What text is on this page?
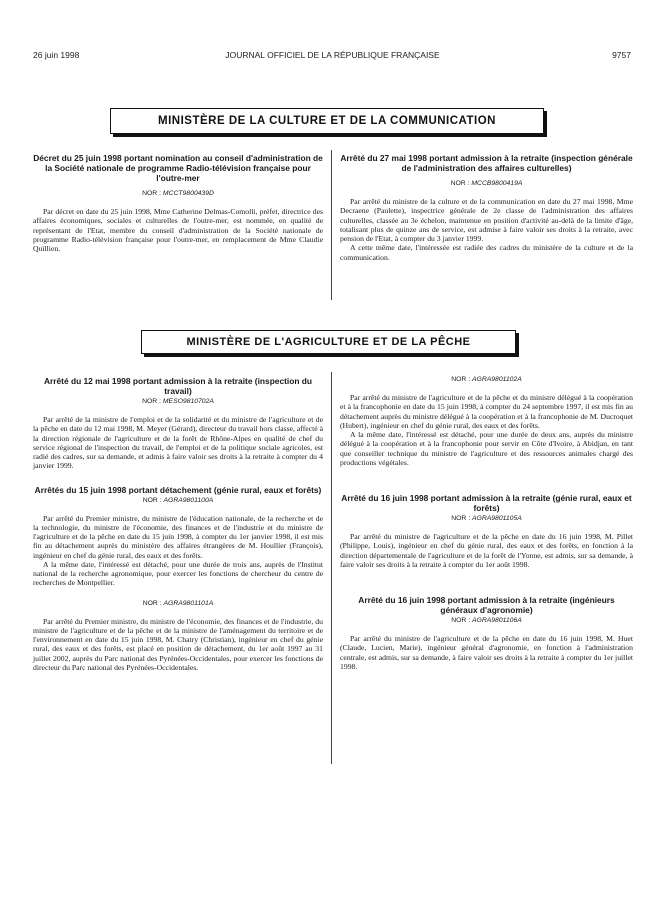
26 juin 1998	JOURNAL OFFICIEL DE LA RÉPUBLIQUE FRANÇAISE	9757
MINISTÈRE DE LA CULTURE ET DE LA COMMUNICATION

Décret du 25 juin 1998 portant nomination au conseil d'administration de la Société nationale de programme Radio-télévision française pour l'outre-mer

NOR : MCCT9800439D

Par décret en date du 25 juin 1998, Mme Catherine Delmas-Comolli, préfet, directrice des affaires économiques, sociales et culturelles de l'outre-mer, est nommée, en qualité de représentant de l'Etat, membre du conseil d'administration de la Société nationale de programme Radio-télévision française pour l'outre-mer, en remplacement de Mme Claudie Quillien.

Arrêté du 27 mai 1998 portant admission à la retraite (inspection générale de l'administration des affaires culturelles)

NOR : MCCB9800419A

Par arrêté du ministre de la culture et de la communication en date du 27 mai 1998, Mme Decraene (Paulette), inspectrice générale de 2e classe de l'administration des affaires culturelles, classée au 3e échelon, maintenue en position d'activité au-delà de la limite d'âge, totalisant plus de quinze ans de service, est admise à faire valoir ses droits à la retraite, avec pension de l'Etat, à compter du 3 janvier 1999.

A cette même date, l'intéressée est radiée des cadres du ministère de la culture et de la communication.

MINISTÈRE DE L'AGRICULTURE ET DE LA PÊCHE

Arrêté du 12 mai 1998 portant admission à la retraite (inspection du travail)

NOR : MESO9810702A

Par arrêté de la ministre de l'emploi et de la solidarité et du ministre de l'agriculture et de la pêche en date du 12 mai 1998, M. Meyer (Gérard), directeur du travail hors classe, affecté à la direction régionale de l'agriculture et de la forêt de Rhône-Alpes en qualité de chef du service régional de l'inspection du travail, de l'emploi et de la politique sociale agricoles, est radié des cadres, sur sa demande, et admis à faire valoir ses droits à la retraite à compter du 4 janvier 1999.

Arrêtés du 15 juin 1998 portant détachement (génie rural, eaux et forêts)

NOR : AGRA9801100A

Par arrêté du Premier ministre, du ministre de l'éducation nationale, de la recherche et de la technologie, du ministre de l'économie, des finances et de l'industrie et du ministre de l'agriculture et de la pêche en date du 15 juin 1998, à compter du 1er janvier 1998, il est mis fin au détachement auprès du ministère des affaires étrangères de M. Houllier (François), ingénieur en chef du génie rural, des eaux et des forêts.

A la même date, l'intéressé est détaché, pour une durée de trois ans, auprès de l'Institut national de la recherche agronomique, pour exercer les fonctions de chercheur du centre de recherches de Montpellier.

NOR : AGRA9801101A

Par arrêté du Premier ministre, du ministre de l'économie, des finances et de l'industrie, du ministre de l'agriculture et de la pêche et de la ministre de l'aménagement du territoire et de l'environnement en date du 15 juin 1998, M. Chatry (Christian), ingénieur en chef du génie rural, des eaux et des forêts, est placé en position de détachement, du 1er août 1997 au 31 juillet 2002, auprès du Parc national des Pyrénées-Occidentales, pour exercer les fonctions de directeur du Parc national des Pyrénées-Occidentales.

NOR : AGRA9801102A

Par arrêté du ministre de l'agriculture et de la pêche et du ministre délégué à la coopération et à la francophonie en date du 15 juin 1998, à compter du 24 septembre 1997, il est mis fin au détachement auprès du ministre délégué à la coopération et à la francophonie de M. Ducroquet (Hubert), ingénieur en chef du génie rural, des eaux et des forêts.

A la même date, l'intéressé est détaché, pour une durée de deux ans, auprès du ministre délégué à la coopération et à la francophonie pour servir en Côte d'Ivoire, à Abidjan, en tant que conseiller technique du ministre de l'agriculture et des ressources animales chargé des productions végétales.

Arrêté du 16 juin 1998 portant admission à la retraite (génie rural, eaux et forêts)

NOR : AGRA9801105A

Par arrêté du ministre de l'agriculture et de la pêche en date du 16 juin 1998, M. Pillet (Philippe, Louis), ingénieur en chef du génie rural, des eaux et des forêts, en fonction à la direction départementale de l'agriculture et de la forêt de l'Yonne, est admis, sur sa demande, à faire valoir ses droits à la retraite à compter du 1er août 1998.

Arrêté du 16 juin 1998 portant admission à la retraite (ingénieurs généraux d'agronomie)

NOR : AGRA9801106A

Par arrêté du ministre de l'agriculture et de la pêche en date du 16 juin 1998, M. Huet (Claude, Lucien, Marie), ingénieur général d'agronomie, en fonction à l'administration centrale, est admis, sur sa demande, à faire valoir ses droits à la retraite à compter du 1er juillet 1998.
